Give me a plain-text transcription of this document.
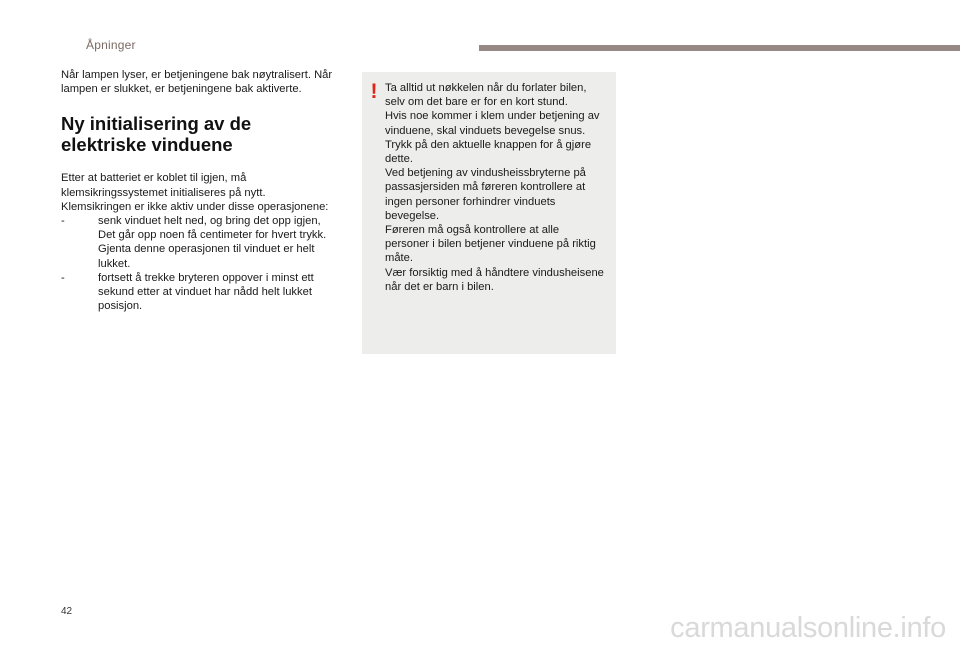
Åpninger

Når lampen lyser, er betjeningene bak nøytralisert. Når lampen er slukket, er betjeningene bak aktiverte.

Ny initialisering av de elektriske vinduene

Etter at batteriet er koblet til igjen, må klemsikringssystemet initialiseres på nytt. Klemsikringen er ikke aktiv under disse operasjonene:

-	senk vinduet helt ned, og bring det opp igjen, Det går opp noen få centimeter for hvert trykk. Gjenta denne operasjonen til vinduet er helt lukket.
-	fortsett å trekke bryteren oppover i minst ett sekund etter at vinduet har nådd helt lukket posisjon.
! Ta alltid ut nøkkelen når du forlater bilen, selv om det bare er for en kort stund.

Hvis noe kommer i klem under betjening av vinduene, skal vinduets bevegelse snus. Trykk på den aktuelle knappen for å gjøre dette.

Ved betjening av vindusheissbryterne på passasjersiden må føreren kontrollere at ingen personer forhindrer vinduets bevegelse.

Føreren må også kontrollere at alle personer i bilen betjener vinduene på riktig måte.

Vær forsiktig med å håndtere vindusheisene når det er barn i bilen.

42
carmanualsonline.info
